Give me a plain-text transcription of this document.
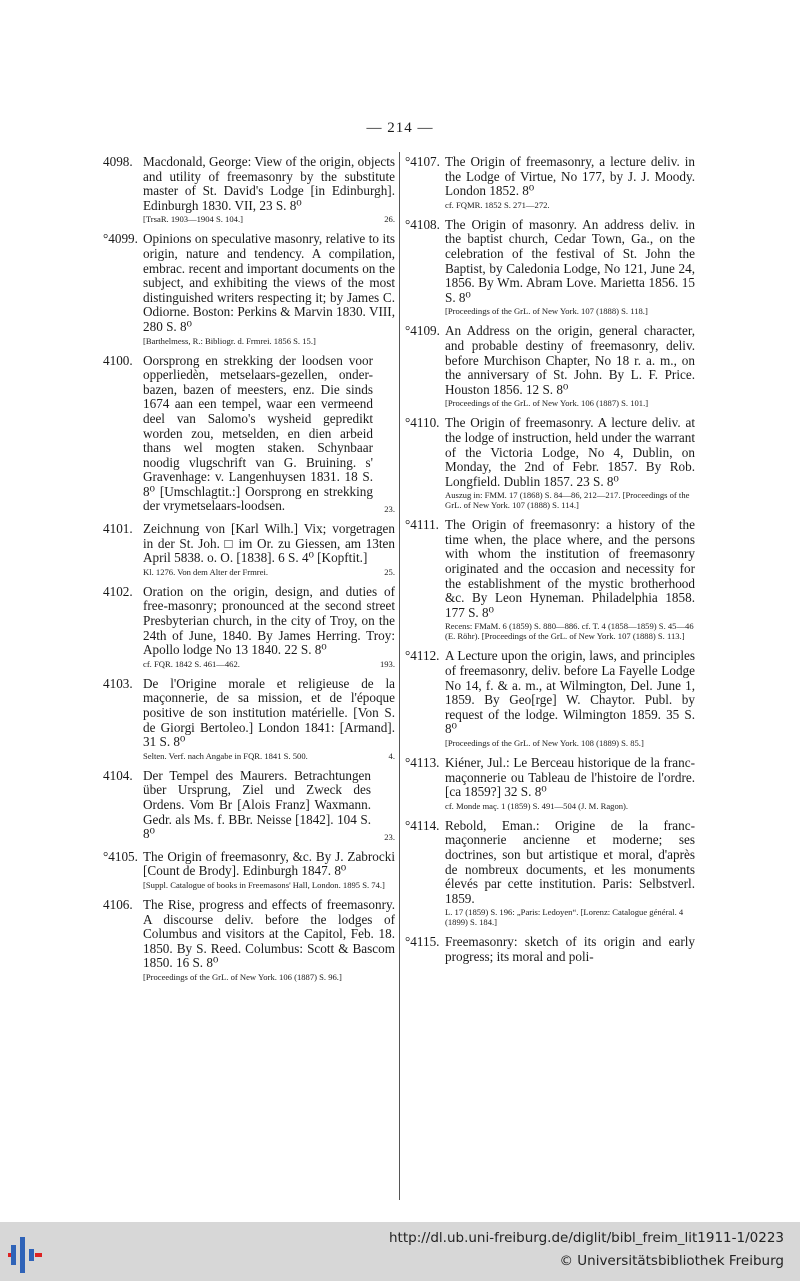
— 214 —
4098. Macdonald, George: View of the origin, objects and utility of freemasonry by the substitute master of St. David's Lodge [in Edinburgh]. Edinburgh 1830. VII, 23 S. 8⁰
[TrsaR. 1903—1904 S. 104.]	26.
°4099. Opinions on speculative masonry, relative to its origin, nature and tendency. A compilation, embrac. recent and important documents on the subject, and exhibiting the views of the most distinguished writers respecting it; by James C. Odiorne. Boston: Perkins & Marvin 1830. VIII, 280 S. 8⁰
[Barthelmess, R.: Bibliogr. d. Frmrei. 1856 S. 15.]
4100. Oorsprong en strekking der loodsen voor opperliedèn, metselaars-gezellen, onder-bazen, bazen of meesters, enz. Die sinds 1674 aan een tempel, waar een vermeend deel van Salomo's wysheid gepredikt worden zou, metselden, en dien arbeid thans wel mogten staken. Schynbaar noodig vlugschrift van G. Bruining. s' Gravenhage: v. Langenhuysen 1831. 18 S. 8⁰ [Umschlagtit.:] Oorsprong en strekking der vrymetselaars-loodsen.	23.
4101. Zeichnung von [Karl Wilh.] Vix; vorgetragen in der St. Joh. □ im Or. zu Giessen, am 13ten April 5838. o. O. [1838]. 6 S. 4⁰ [Kopftit.]
Kl. 1276. Von dem Alter der Frmrei.	25.
4102. Oration on the origin, design, and duties of free-masonry; pronounced at the second street Presbyterian church, in the city of Troy, on the 24th of June, 1840. By James Herring. Troy: Apollo lodge No 13 1840. 22 S. 8⁰
cf. FQR. 1842 S. 461—462.	193.
4103. De l'Origine morale et religieuse de la maçonnerie, de sa mission, et de l'époque positive de son institution matérielle. [Von S. de Giorgi Bertoleo.] London 1841: [Armand]. 31 S. 8⁰
Selten. Verf. nach Angabe in FQR. 1841 S. 500.	4.
4104. Der Tempel des Maurers. Betrachtungen über Ursprung, Ziel und Zweck des Ordens. Vom Br [Alois Franz] Waxmann. Gedr. als Ms. f. BBr. Neisse [1842]. 104 S. 8⁰	23.
°4105. The Origin of freemasonry, &c. By J. Zabrocki [Count de Brody]. Edinburgh 1847. 8⁰
[Suppl. Catalogue of books in Freemasons' Hall, London. 1895 S. 74.]
4106. The Rise, progress and effects of freemasonry. A discourse deliv. before the lodges of Columbus and visitors at the Capitol, Feb. 18. 1850. By S. Reed. Columbus: Scott & Bascom 1850. 16 S. 8⁰
[Proceedings of the GrL. of New York. 106 (1887) S. 96.]
°4107. The Origin of freemasonry, a lecture deliv. in the Lodge of Virtue, No 177, by J. J. Moody. London 1852. 8⁰
cf. FQMR. 1852 S. 271—272.
°4108. The Origin of masonry. An address deliv. in the baptist church, Cedar Town, Ga., on the celebration of the festival of St. John the Baptist, by Caledonia Lodge, No 121, June 24, 1856. By Wm. Abram Love. Marietta 1856. 15 S. 8⁰
[Proceedings of the GrL. of New York. 107 (1888) S. 118.]
°4109. An Address on the origin, general character, and probable destiny of freemasonry, deliv. before Murchison Chapter, No 18 r. a. m., on the anniversary of St. John. By L. F. Price. Houston 1856. 12 S. 8⁰
[Proceedings of the GrL. of New York. 106 (1887) S. 101.]
°4110. The Origin of freemasonry. A lecture deliv. at the lodge of instruction, held under the warrant of the Victoria Lodge, No 4, Dublin, on Monday, the 2nd of Febr. 1857. By Rob. Longfield. Dublin 1857. 23 S. 8⁰
Auszug in: FMM. 17 (1868) S. 84—86, 212—217. [Proceedings of the GrL. of New York. 107 (1888) S. 114.]
°4111. The Origin of freemasonry: a history of the time when, the place where, and the persons with whom the institution of freemasonry originated and the occasion and necessity for the establishment of the mystic brotherhood &c. By Leon Hyneman. Philadelphia 1858. 177 S. 8⁰
Recens: FMaM. 6 (1859) S. 880—886. cf. T. 4 (1858—1859) S. 45—46 (E. Röhr). [Proceedings of the GrL. of New York. 107 (1888) S. 113.]
°4112. A Lecture upon the origin, laws, and principles of freemasonry, deliv. before La Fayelle Lodge No 14, f. & a. m., at Wilmington, Del. June 1, 1859. By Geo[rge] W. Chaytor. Publ. by request of the lodge. Wilmington 1859. 35 S. 8⁰
[Proceedings of the GrL. of New York. 108 (1889) S. 85.]
°4113. Kiéner, Jul.: Le Berceau historique de la franc-maçonnerie ou Tableau de l'histoire de l'ordre. [ca 1859?] 32 S. 8⁰
cf. Monde maç. 1 (1859) S. 491—504 (J. M. Ragon).
°4114. Rebold, Eman.: Origine de la franc-maçonnerie ancienne et moderne; ses doctrines, son but artistique et moral, d'après de nombreux documents, et les monuments élevés par cette institution. Paris: Selbstverl. 1859.
L. 17 (1859) S. 196: „Paris: Ledoyen“. [Lorenz: Catalogue général. 4 (1899) S. 184.]
°4115. Freemasonry: sketch of its origin and early progress; its moral and poli-
http://dl.ub.uni-freiburg.de/diglit/bibl_freim_lit1911-1/0223
© Universitätsbibliothek Freiburg
